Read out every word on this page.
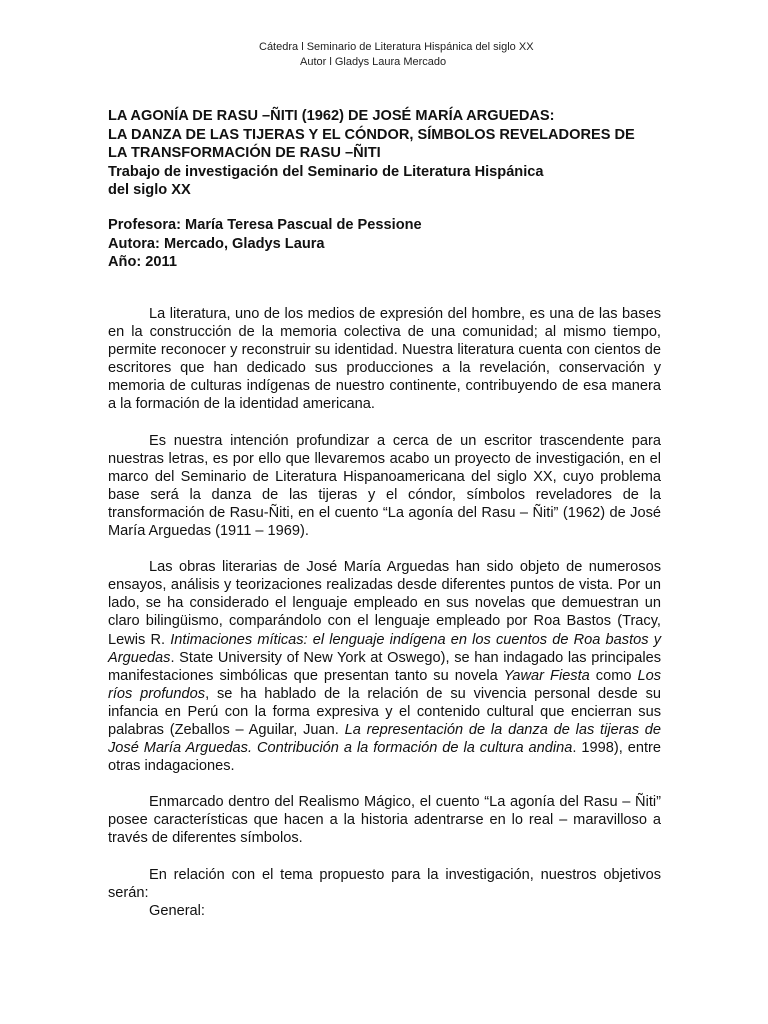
Cátedra l Seminario de Literatura Hispánica del siglo XX
Autor l Gladys Laura Mercado
LA AGONÍA DE RASU –ÑITI (1962) DE JOSÉ MARÍA ARGUEDAS:
LA DANZA DE LAS TIJERAS Y EL CÓNDOR, SÍMBOLOS REVELADORES DE
LA TRANSFORMACIÓN DE RASU –ÑITI
Trabajo de investigación del Seminario de Literatura Hispánica
del siglo XX
Profesora: María Teresa Pascual de Pessione
Autora: Mercado, Gladys Laura
Año: 2011

La literatura, uno de los medios de expresión del hombre, es una de las bases en la construcción de la memoria colectiva de una comunidad; al mismo tiempo, permite reconocer y reconstruir su identidad. Nuestra literatura cuenta con cientos de escritores que han dedicado sus producciones a la revelación, conservación y memoria de culturas indígenas de nuestro continente, contribuyendo de esa manera a la formación de la identidad americana.

Es nuestra intención profundizar a cerca de un escritor trascendente para nuestras letras, es por ello que llevaremos acabo un proyecto de investigación, en el marco del Seminario de Literatura Hispanoamericana del siglo XX, cuyo problema base será la danza de las tijeras y el cóndor, símbolos reveladores de la transformación de Rasu-Ñiti, en el cuento “La agonía del Rasu – Ñiti” (1962) de José María Arguedas (1911 – 1969).

Las obras literarias de José María Arguedas han sido objeto de numerosos ensayos, análisis y teorizaciones realizadas desde diferentes puntos de vista. Por un lado, se ha considerado el lenguaje empleado en sus novelas que demuestran un claro bilingüismo, comparándolo con el lenguaje empleado por Roa Bastos (Tracy, Lewis R. Intimaciones míticas: el lenguaje indígena en los cuentos de Roa bastos y Arguedas. State University of New York at Oswego), se han indagado las principales manifestaciones simbólicas que presentan tanto su novela Yawar Fiesta como Los ríos profundos, se ha hablado de la relación de su vivencia personal desde su infancia en Perú con la forma expresiva y el contenido cultural que encierran sus palabras (Zeballos – Aguilar, Juan. La representación de la danza de las tijeras de José María Arguedas. Contribución a la formación de la cultura andina. 1998), entre otras indagaciones.

Enmarcado dentro del Realismo Mágico, el cuento “La agonía del Rasu – Ñiti” posee características que hacen a la historia adentrarse en lo real – maravilloso a través de diferentes símbolos.

En relación con el tema propuesto para la investigación, nuestros objetivos serán:

General:
